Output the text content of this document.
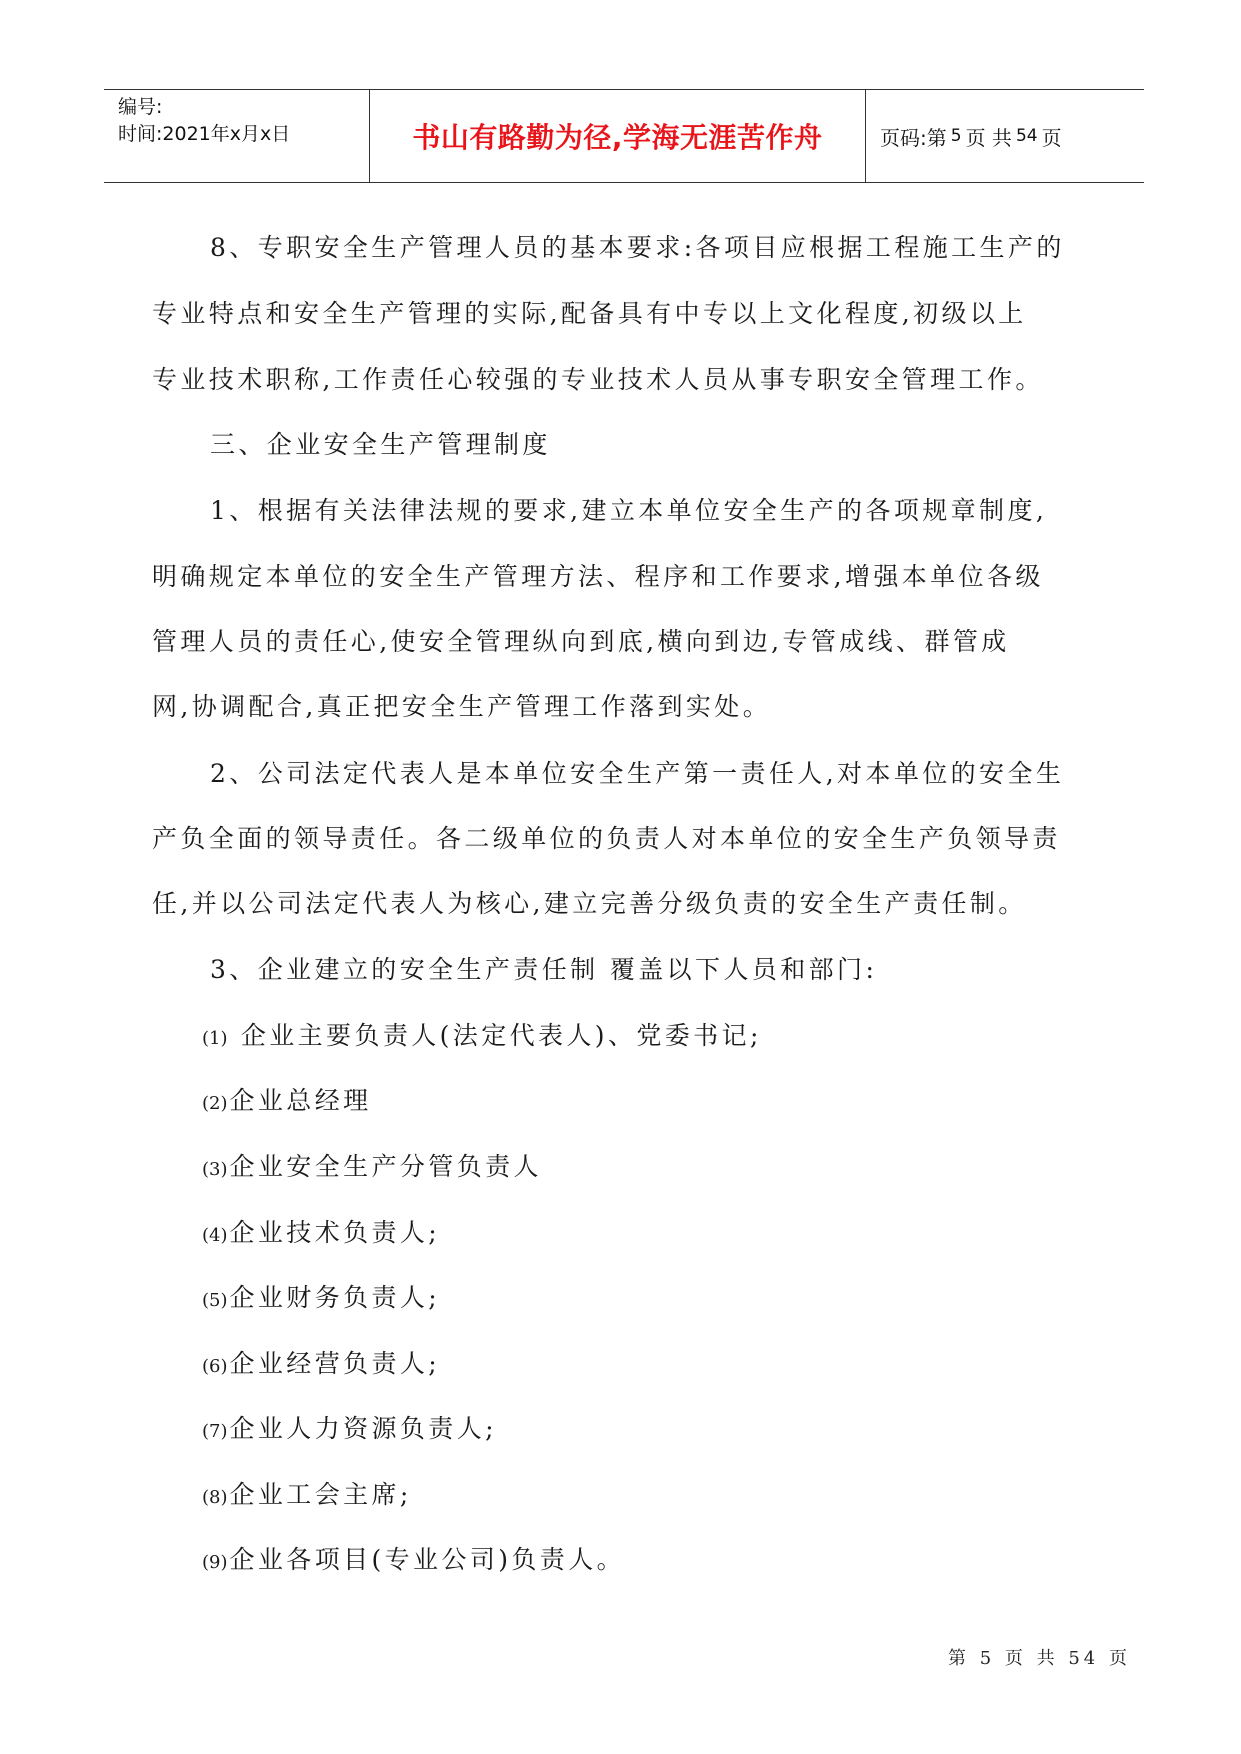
编号:
时间:2021年x月x日	书山有路勤为径,学海无涯苦作舟	页码:第 5 页 共 54 页
8、专职安全生产管理人员的基本要求:各项目应根据工程施工生产的
专业特点和安全生产管理的实际,配备具有中专以上文化程度,初级以上
专业技术职称,工作责任心较强的专业技术人员从事专职安全管理工作。
三、企业安全生产管理制度
1、根据有关法律法规的要求,建立本单位安全生产的各项规章制度,
明确规定本单位的安全生产管理方法、程序和工作要求,增强本单位各级
管理人员的责任心,使安全管理纵向到底,横向到边,专管成线、群管成
网,协调配合,真正把安全生产管理工作落到实处。
2、公司法定代表人是本单位安全生产第一责任人,对本单位的安全生
产负全面的领导责任。各二级单位的负责人对本单位的安全生产负领导责
任,并以公司法定代表人为核心,建立完善分级负责的安全生产责任制。
3、企业建立的安全生产责任制 覆盖以下人员和部门:
(1) 企业主要负责人(法定代表人)、党委书记;
(2)企业总经理
(3)企业安全生产分管负责人
(4)企业技术负责人;
(5)企业财务负责人;
(6)企业经营负责人;
(7)企业人力资源负责人;
(8)企业工会主席;
(9)企业各项目(专业公司)负责人。
第 5 页 共 54 页
